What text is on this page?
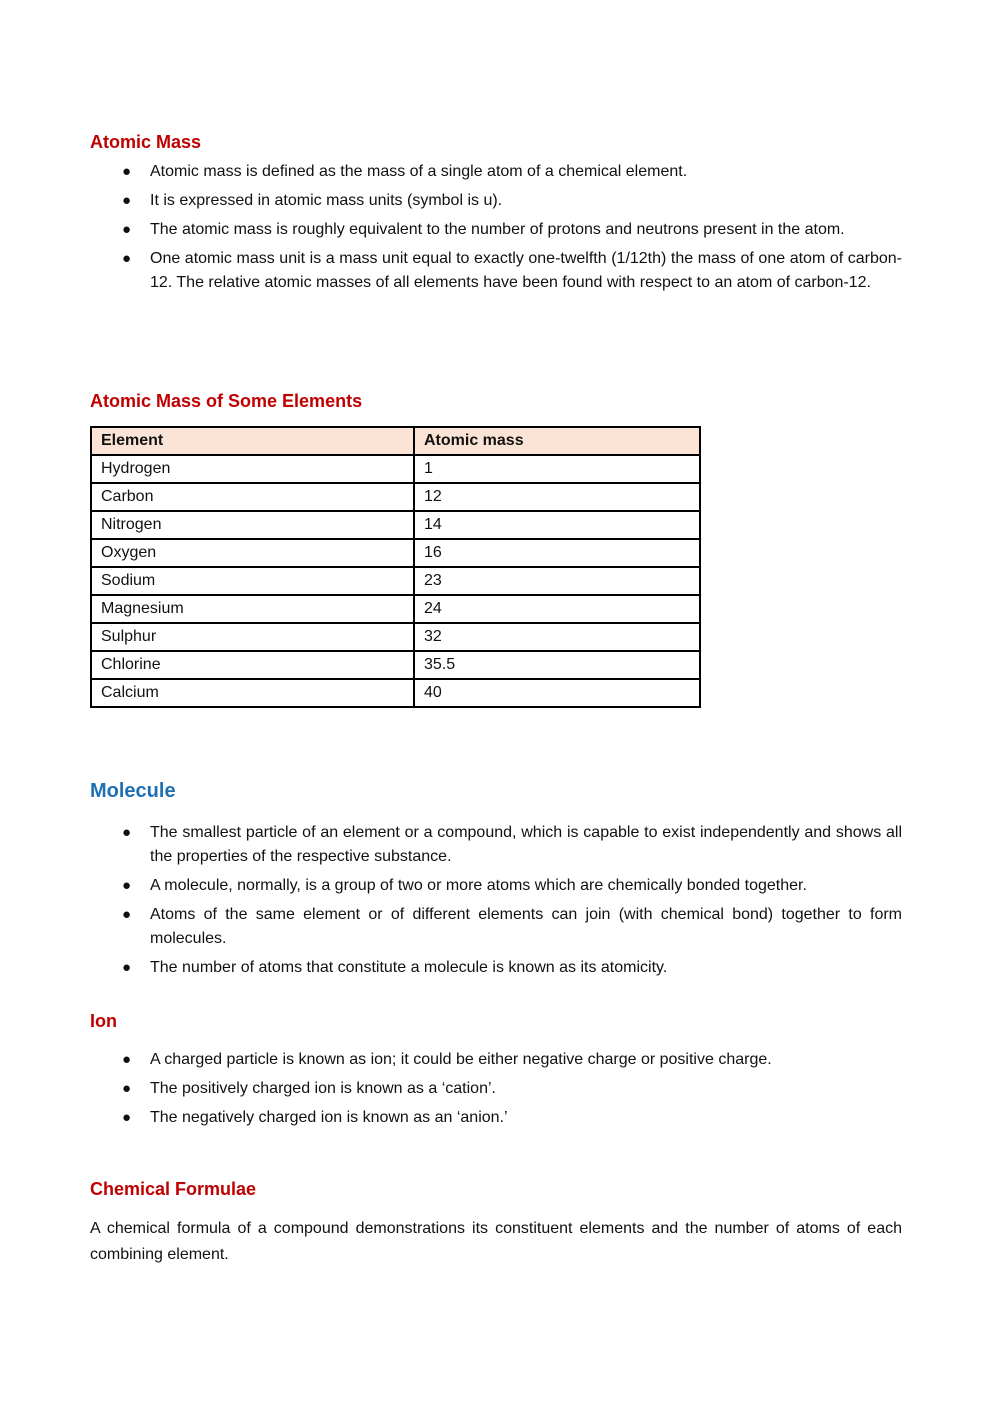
Atomic Mass
● Atomic mass is defined as the mass of a single atom of a chemical element.
● It is expressed in atomic mass units (symbol is u).
● The atomic mass is roughly equivalent to the number of protons and neutrons present in the atom.
● One atomic mass unit is a mass unit equal to exactly one-twelfth (1/12th) the mass of one atom of carbon-12. The relative atomic masses of all elements have been found with respect to an atom of carbon-12.
Atomic Mass of Some Elements
Element	Atomic mass
Hydrogen	1
Carbon	12
Nitrogen	14
Oxygen	16
Sodium	23
Magnesium	24
Sulphur	32
Chlorine	35.5
Calcium	40
Molecule
● The smallest particle of an element or a compound, which is capable to exist independently and shows all the properties of the respective substance.
● A molecule, normally, is a group of two or more atoms which are chemically bonded together.
● Atoms of the same element or of different elements can join (with chemical bond) together to form molecules.
● The number of atoms that constitute a molecule is known as its atomicity.
Ion
● A charged particle is known as ion; it could be either negative charge or positive charge.
● The positively charged ion is known as a ‘cation’.
● The negatively charged ion is known as an ‘anion.’
Chemical Formulae

A chemical formula of a compound demonstrations its constituent elements and the number of atoms of each combining element.
